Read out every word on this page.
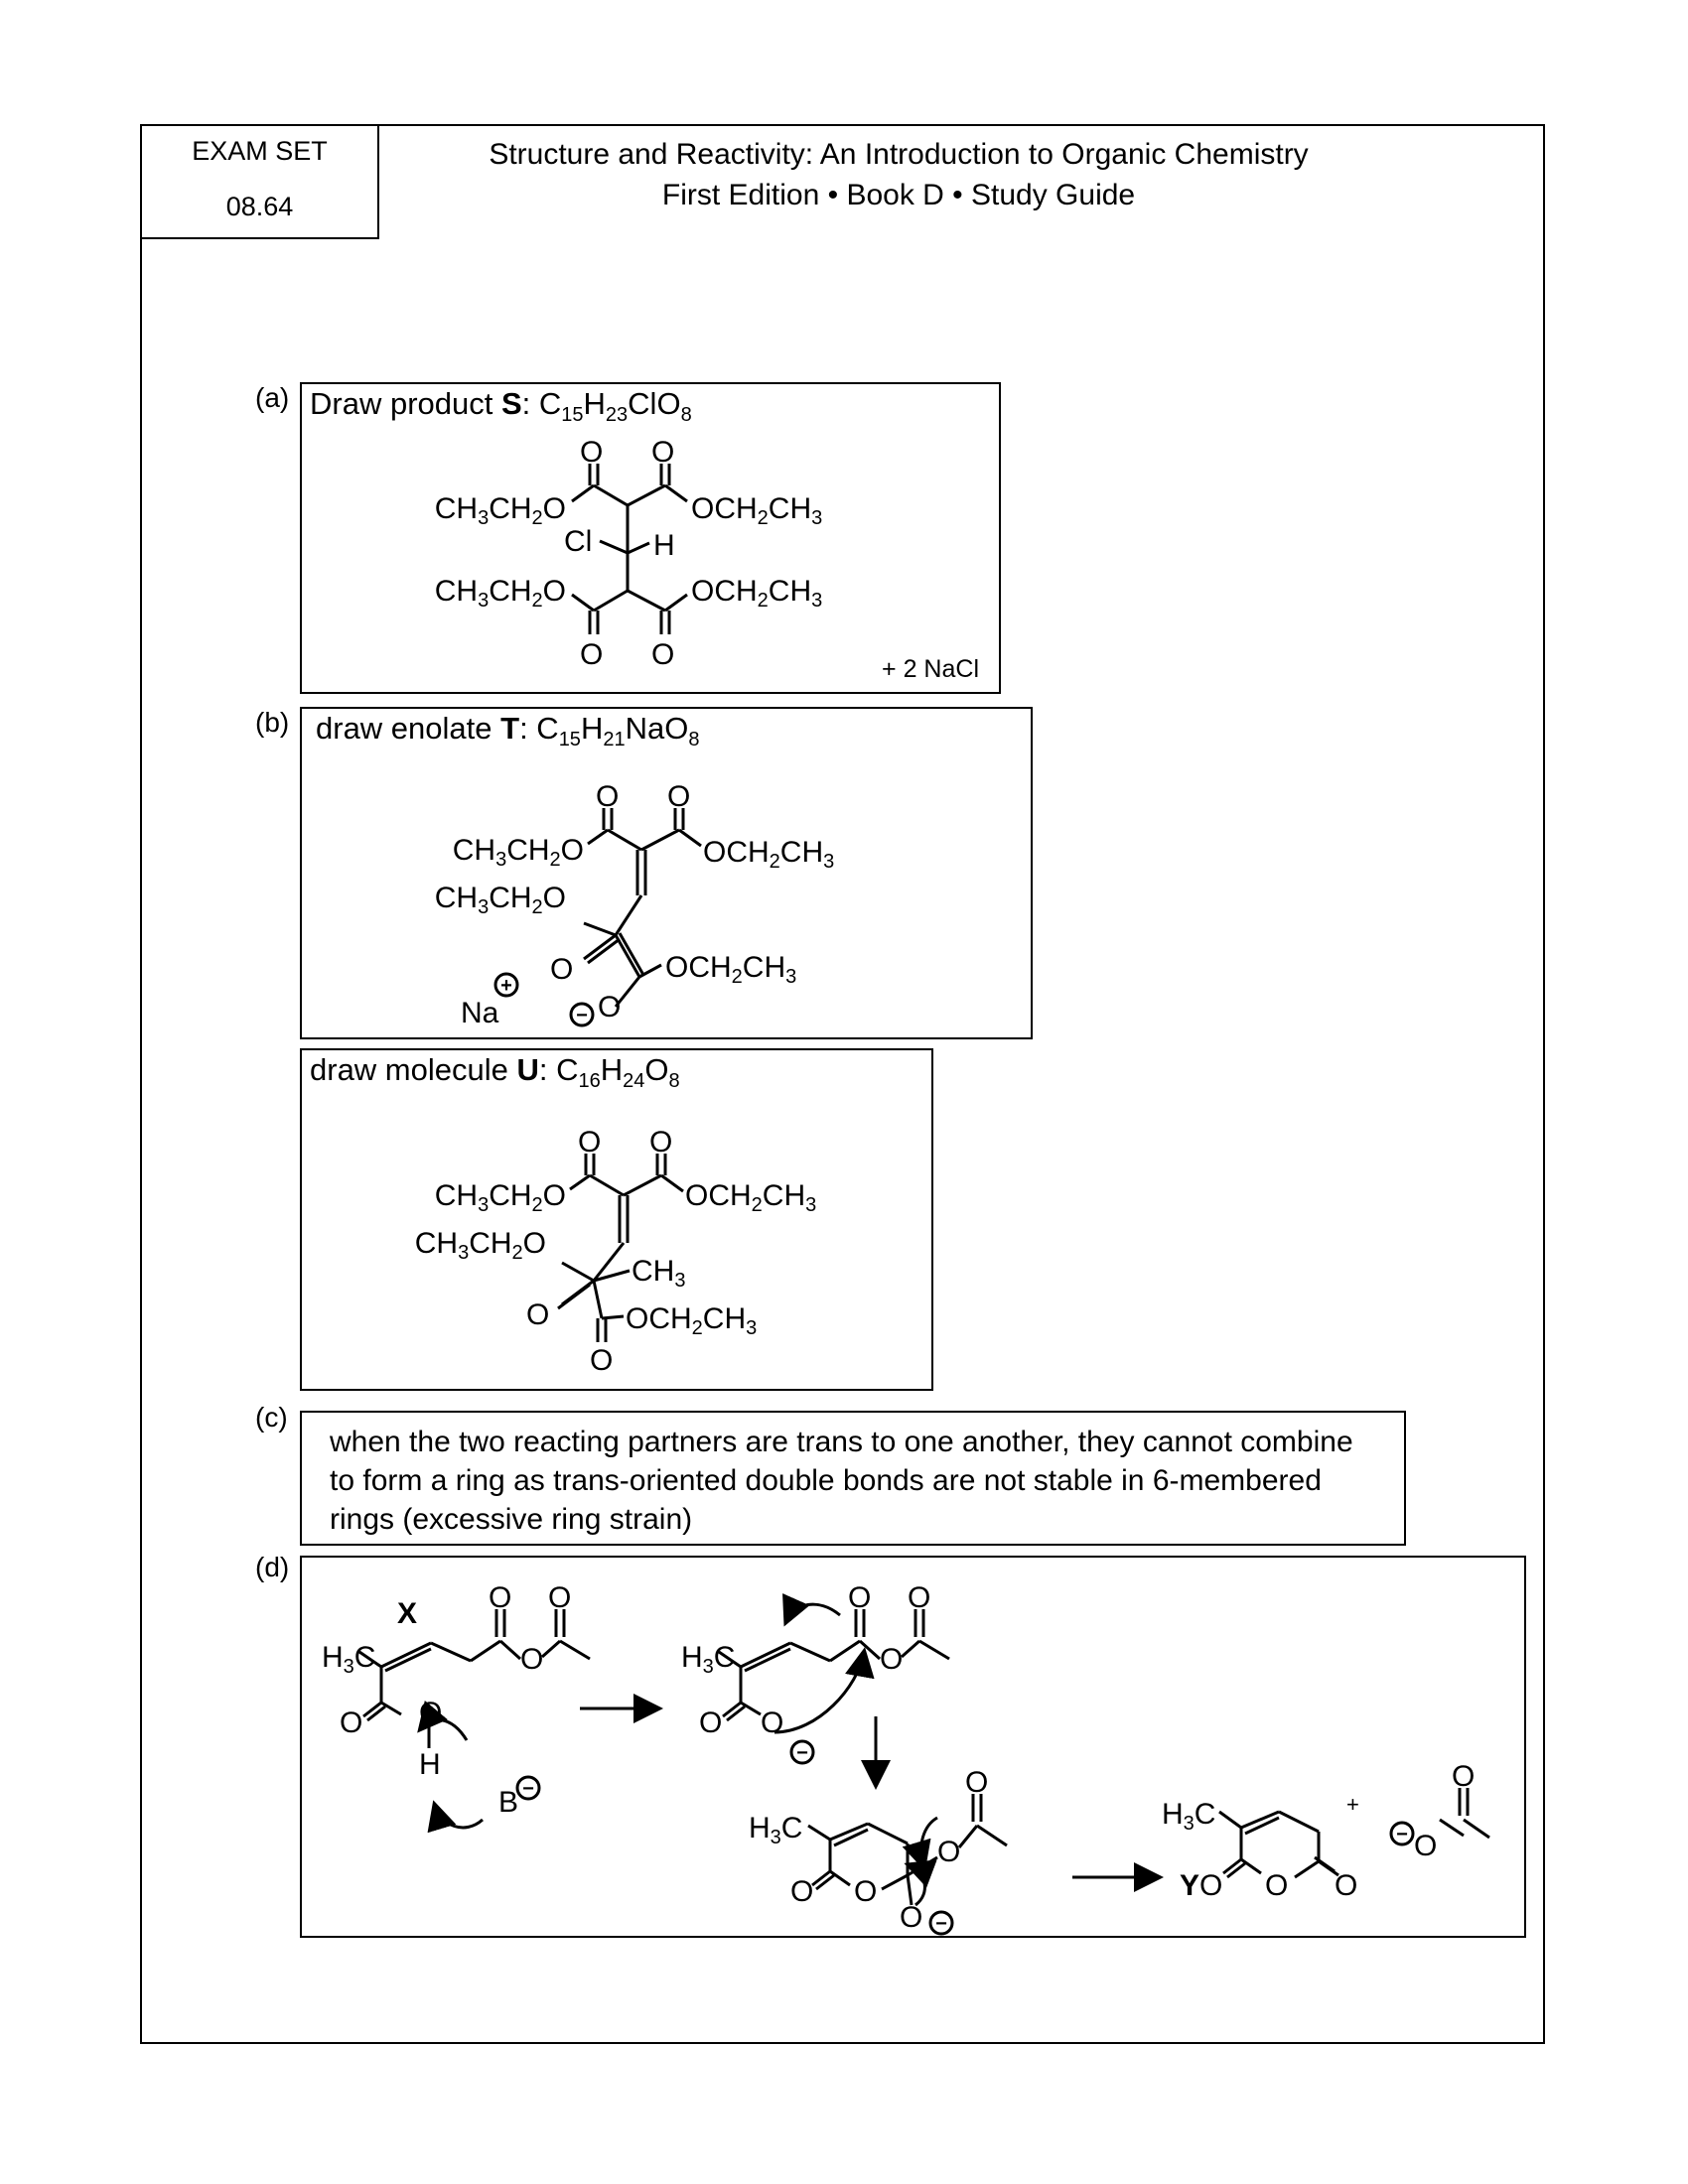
EXAM SET
08.64
Structure and Reactivity: An Introduction to Organic Chemistry
First Edition • Book D • Study Guide
(a) Draw product S: $C_{15}H_{23}ClO_8$
O O
O O
$CH_3CH_2O$	$OCH_2CH_3$
$CH_3CH_2O$	$OCH_2CH_3$
Cl H
+ 2 NaCl
(b) draw enolate T: $C_{15}H_{21}NaO_8$
O O
O
O
$CH_3CH_2O$	$OCH_2CH_3$
$CH_3CH_2O$
$OCH_2CH_3$
Na
+
−
draw molecule U: $C_{16}H_{24}O_8$
O O
O
O
$CH_3CH_2O$	$OCH_2CH_3$
$CH_3CH_2O$
$OCH_2CH_3$
$CH_3$
(c)
when the two reacting partners are trans to one another, they cannot combine to form a ring as trans-oriented double bonds are not stable in 6-membered rings (excessive ring strain)
(d)
X
$H_3C$
O O
O
O O
H
B −
$H_3C$
O O
O
O O
−
$H_3C$
O O
O
O
O −
Y
$H_3C$
O O O
+
O
O
−
